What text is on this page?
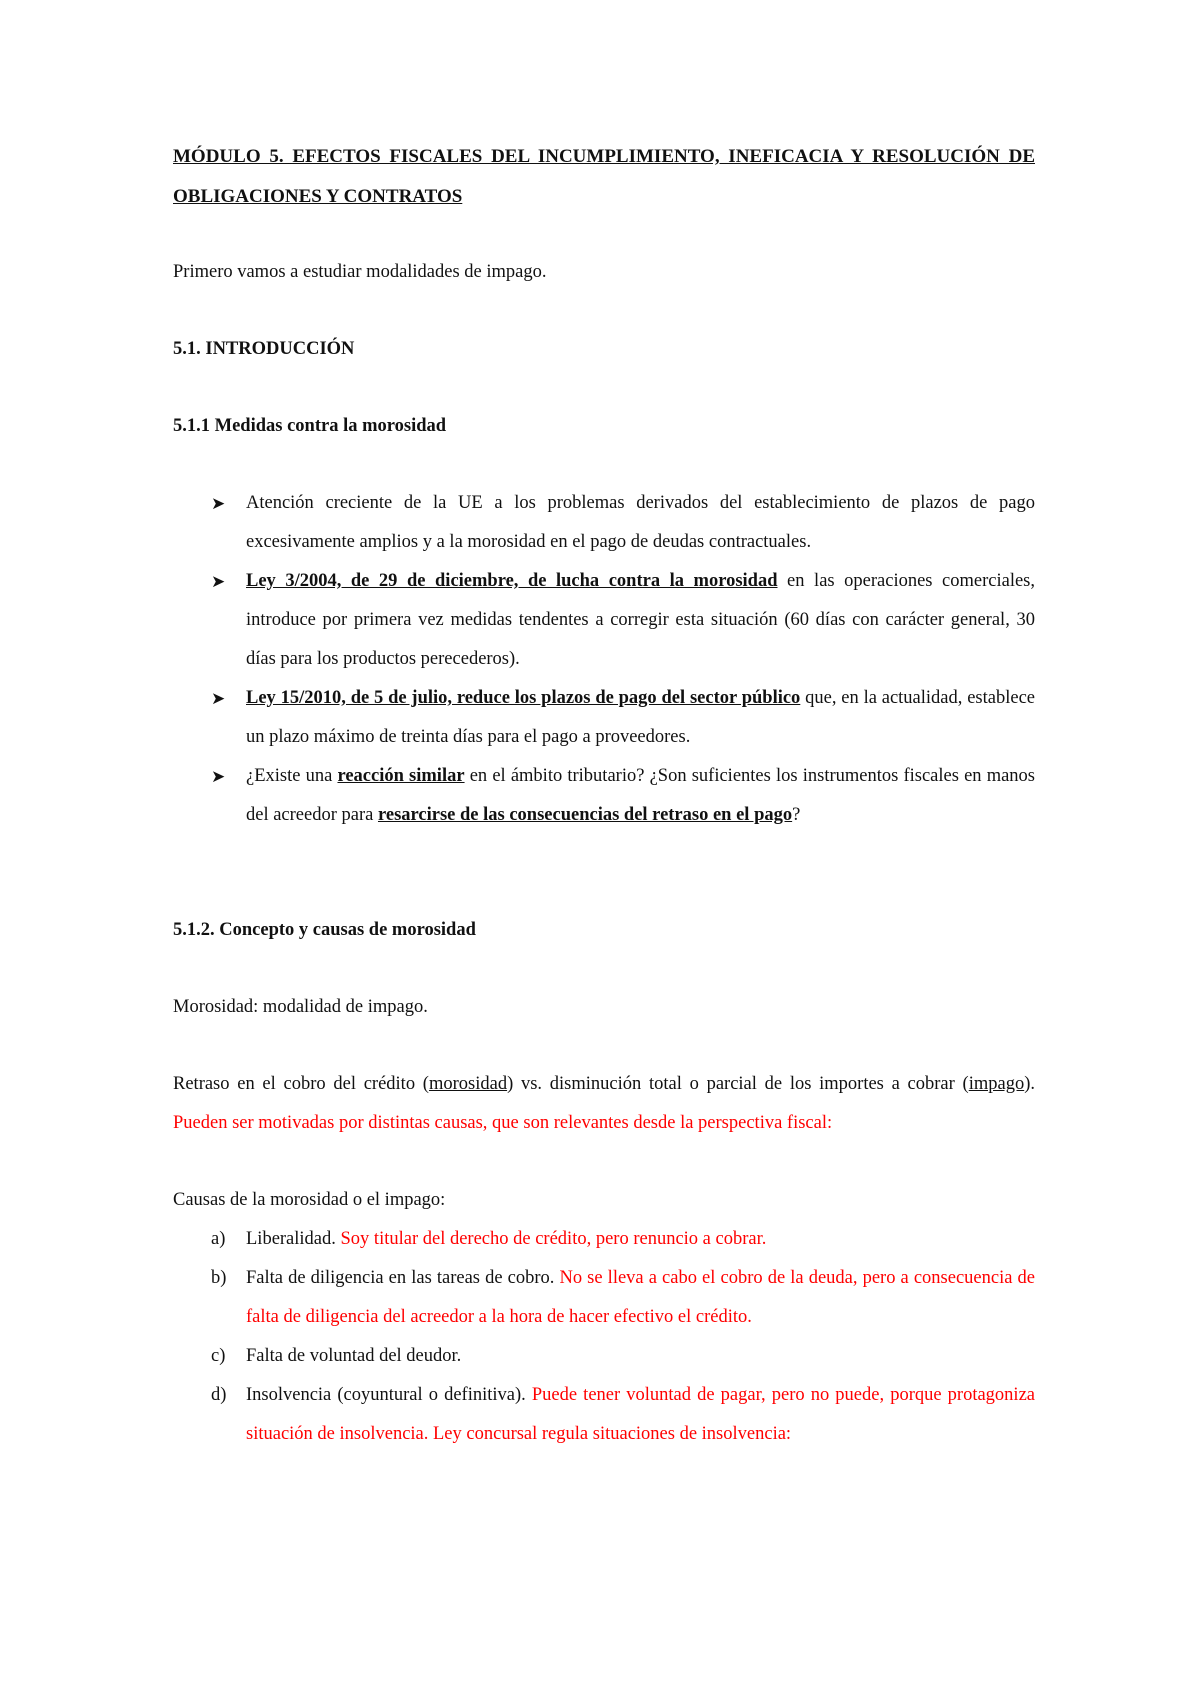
MÓDULO 5. EFECTOS FISCALES DEL INCUMPLIMIENTO, INEFICACIA Y RESOLUCIÓN DE OBLIGACIONES Y CONTRATOS

Primero vamos a estudiar modalidades de impago.

5.1. INTRODUCCIÓN
5.1.1 Medidas contra la morosidad
➤ Atención creciente de la UE a los problemas derivados del establecimiento de plazos de pago excesivamente amplios y a la morosidad en el pago de deudas contractuales.
➤ Ley 3/2004, de 29 de diciembre, de lucha contra la morosidad en las operaciones comerciales, introduce por primera vez medidas tendentes a corregir esta situación (60 días con carácter general, 30 días para los productos perecederos).
➤ Ley 15/2010, de 5 de julio, reduce los plazos de pago del sector público que, en la actualidad, establece un plazo máximo de treinta días para el pago a proveedores.
➤ ¿Existe una reacción similar en el ámbito tributario? ¿Son suficientes los instrumentos fiscales en manos del acreedor para resarcirse de las consecuencias del retraso en el pago?
5.1.2. Concepto y causas de morosidad

Morosidad: modalidad de impago.

Retraso en el cobro del crédito (morosidad) vs. disminución total o parcial de los importes a cobrar (impago). Pueden ser motivadas por distintas causas, que son relevantes desde la perspectiva fiscal:

Causas de la morosidad o el impago:

a) Liberalidad. Soy titular del derecho de crédito, pero renuncio a cobrar.
b) Falta de diligencia en las tareas de cobro. No se lleva a cabo el cobro de la deuda, pero a consecuencia de falta de diligencia del acreedor a la hora de hacer efectivo el crédito.
c) Falta de voluntad del deudor.
d) Insolvencia (coyuntural o definitiva). Puede tener voluntad de pagar, pero no puede, porque protagoniza situación de insolvencia. Ley concursal regula situaciones de insolvencia:
